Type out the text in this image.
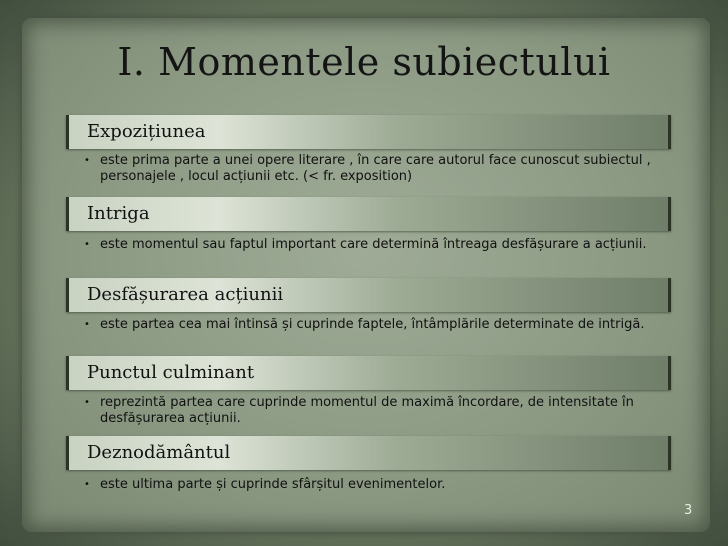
I. Momentele subiectului
Expozițiunea
• este prima parte a unei opere literare , în care care autorul face cunoscut subiectul , personajele , locul acțiunii etc. (< fr. exposition)
Intriga
• este momentul sau faptul important care determină întreaga desfășurare a acțiunii.
Desfășurarea acțiunii
• este partea cea mai întinsă și cuprinde faptele, întâmplările determinate de intrigă.
Punctul culminant
• reprezintă partea care cuprinde momentul de maximă încordare, de intensitate în desfășurarea acțiunii.
Deznodământul
• este ultima parte și cuprinde sfârșitul evenimentelor.
3
